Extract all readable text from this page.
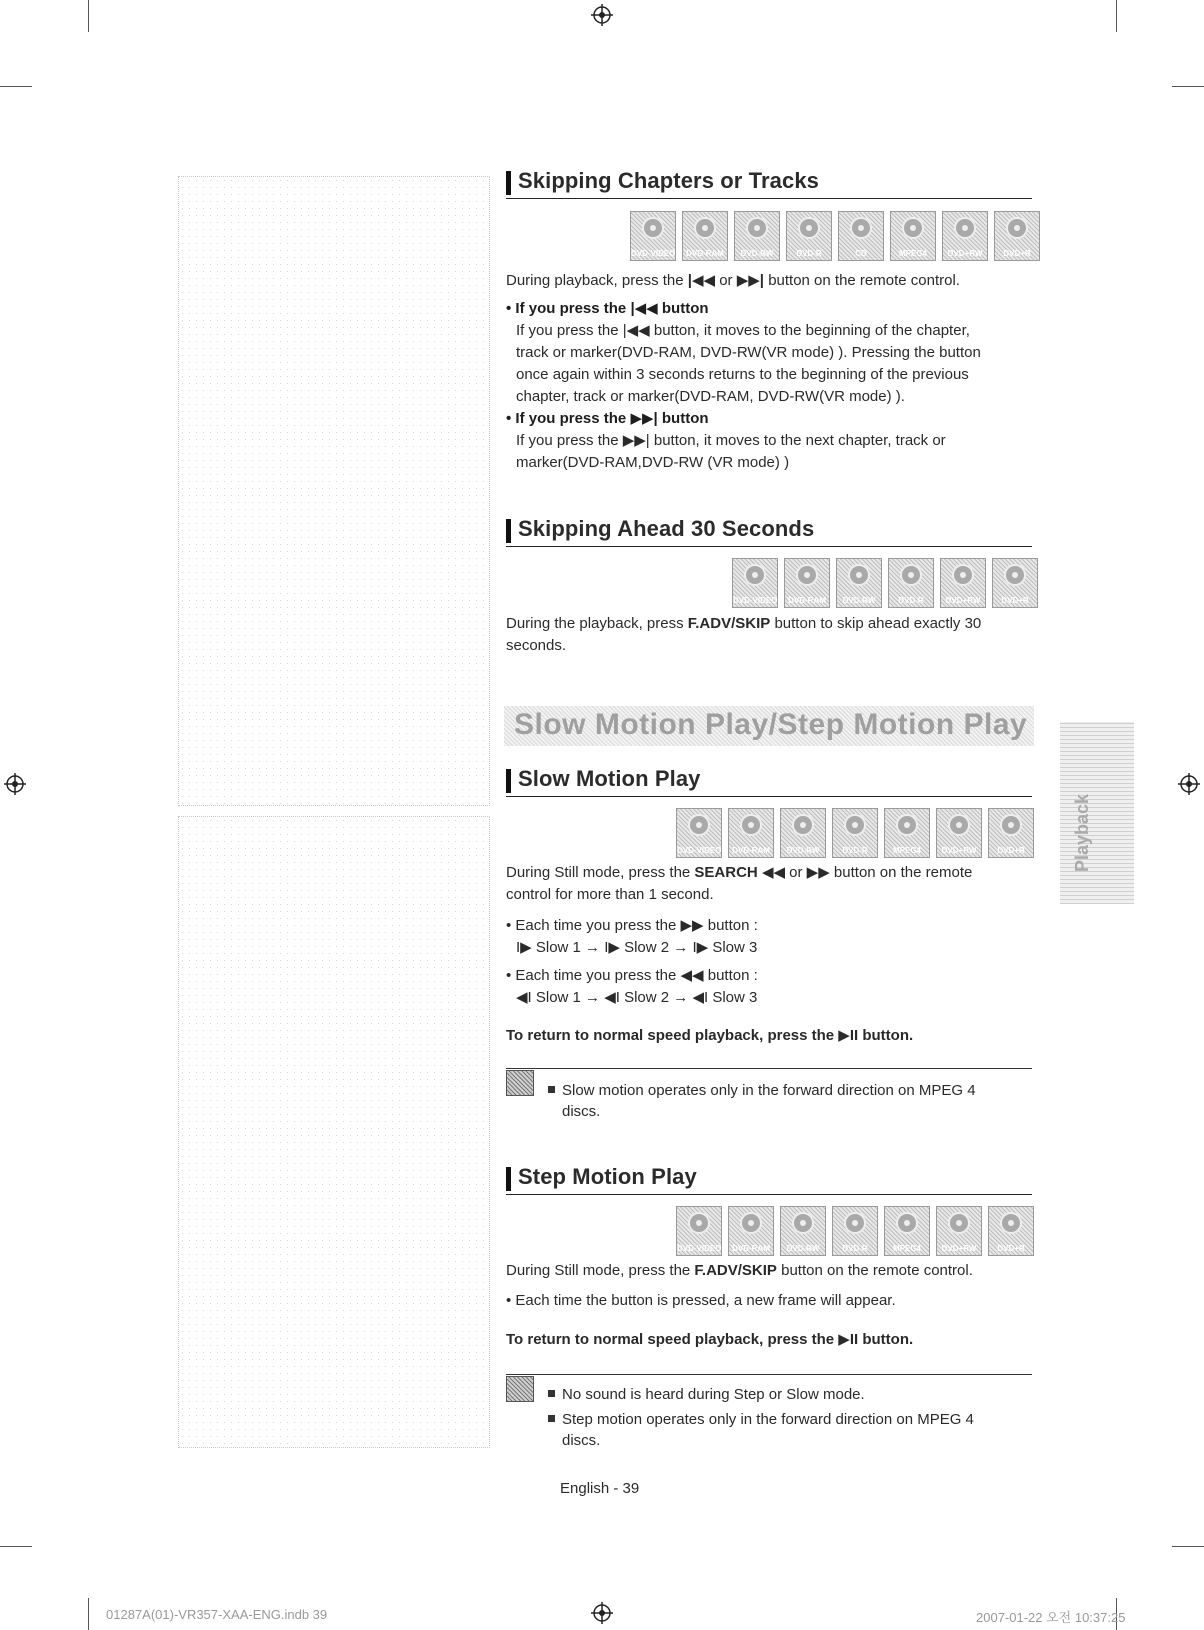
Skipping Chapters or Tracks
DVD-VIDEO	DVD-RAM	DVD-RW	DVD-R	CD	MPEG4	DVD+RW	DVD+R
During playback, press the |◀◀ or ▶▶| button on the remote control.
• If you press the |◀◀ button
If you press the |◀◀ button, it moves to the beginning of the chapter,
track or marker(DVD-RAM, DVD-RW(VR mode) ). Pressing the button
once again within 3 seconds returns to the beginning of the previous
chapter, track or marker(DVD-RAM, DVD-RW(VR mode) ).
• If you press the ▶▶| button
If you press the ▶▶| button, it moves to the next chapter, track or
marker(DVD-RAM,DVD-RW (VR mode) )
Skipping Ahead 30 Seconds
DVD-VIDEO	DVD-RAM	DVD-RW	DVD-R	DVD+RW	DVD+R
During the playback, press F.ADV/SKIP button to skip ahead exactly 30
seconds.
Slow Motion Play/Step Motion Play
Playback
Slow Motion Play
DVD-VIDEO	DVD-RAM	DVD-RW	DVD-R	MPEG4	DVD+RW	DVD+R
During Still mode, press the SEARCH ◀◀ or ▶▶ button on the remote
control for more than 1 second.
• Each time you press the ▶▶ button :
I▶ Slow 1 → I▶ Slow 2 → I▶ Slow 3
• Each time you press the ◀◀ button :
◀I Slow 1 → ◀I Slow 2 → ◀I Slow 3
To return to normal speed playback, press the ▶II button.
Slow motion operates only in the forward direction on MPEG 4
discs.
Step Motion Play
DVD-VIDEO	DVD-RAM	DVD-RW	DVD-R	MPEG4	DVD+RW	DVD+R
During Still mode, press the F.ADV/SKIP button on the remote control.
• Each time the button is pressed, a new frame will appear.
To return to normal speed playback, press the ▶II button.
No sound is heard during Step or Slow mode.
Step motion operates only in the forward direction on MPEG 4
discs.
English - 39
01287A(01)-VR357-XAA-ENG.indb 39	2007-01-22 오전 10:37:25
